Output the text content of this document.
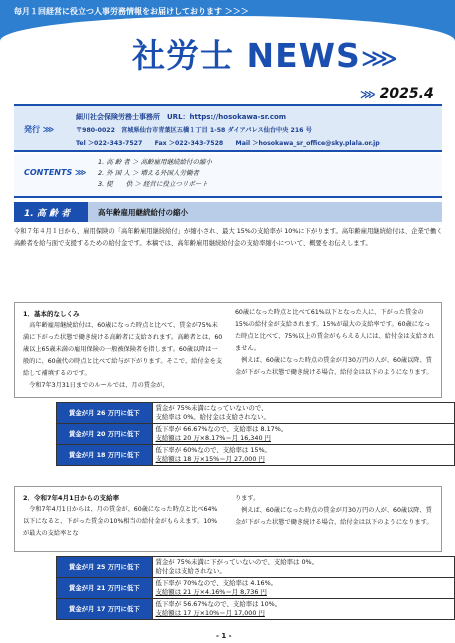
毎月１回経営に役立つ人事労務情報をお届けしております ＞＞＞
社労士 NEWS⋙
⋙ 2025.4
発行 ⋙
細川社会保険労務士事務所　URL：https://hosokawa-sr.com
〒980-0022　宮城県仙台市青葉区五橋１丁目 1-58 ダイアパレス仙台中央 216 号
Tel ＞022-343-7527　　Fax ＞022-343-7528　　Mail ＞hosokawa_sr_office@sky.plala.or.jp
CONTENTS ⋙
1. 高 齢 者 ＞ 高齢雇用継続給付の縮小
2. 外 国 人 ＞ 増える外国人労働者
3. 提　　供 ＞ 経営に役立つリポート
1. 高 齢 者	高年齢雇用継続給付の縮小
令和７年４月１日から、雇用保険の「高年齢雇用継続給付」が縮小され、最大 15%の支給率が 10%に下がります。高年齢雇用継続給付は、企業で働く高齢者を給与面で支援するための給付金です。本稿では、高年齢雇用継続給付金の支給率縮小について、概要をお伝えします。
1．基本的なしくみ

　高年齢雇用継続給付は、60歳になった時点と比べて、賃金が75%未満に下がった状態で働き続ける高齢者に支給されます。高齢者とは、60歳以上65歳未満の雇用保険の一般被保険者を指します。60歳以降は一般的に、60歳代の時点と比べて給与が下がります。そこで、給付金を支給して補填するのです。
　令和7年3月31日までのルールでは、月の賃金が、

60歳になった時点と比べて61%以下となった人に、下がった賃金の15%の給付金が支給されます。15%が最大の支給率です。60歳になった時点と比べて、75%以上の賃金がもらえる人には、給付金は支給されません。
　例えば、60歳になった時点の賃金が月30万円の人が、60歳以降、賃金が下がった状態で働き続ける場合、給付金は以下のようになります。

賃金が月 26 万円に低下	賃金が 75%未満になっていないので、
支給率は 0%。給付金は支給されない。

賃金が月 20 万円に低下	低下率が 66.67%なので、支給率は 8.17%。
支給額は 20 万×8.17%＝月 16,340 円

賃金が月 18 万円に低下	低下率が 60%なので、支給率は 15%。
支給額は 18 万×15%＝月 27,000 円
2．令和7年4月1日からの支給率

　令和7年4月1日からは、月の賃金が、60歳になった時点と比べ64%以下になると、下がった賃金の10%相当の給付金がもらえます。10%が最大の支給率とな

ります。
　例えば、60歳になった時点の賃金が月30万円の人が、60歳以降、賃金が下がった状態で働き続ける場合、給付金は以下のようになります。

賃金が月 25 万円に低下	賃金が 75%未満に下がっていないので、支給率は 0%。
給付金は支給されない。

賃金が月 21 万円に低下	低下率が 70%なので、支給率は 4.16%。
支給額は 21 万×4.16%＝月 8,736 円

賃金が月 17 万円に低下	低下率が 56.67%なので、支給率は 10%。
支給額は 17 万×10%＝月 17,000 円
- 1 -
